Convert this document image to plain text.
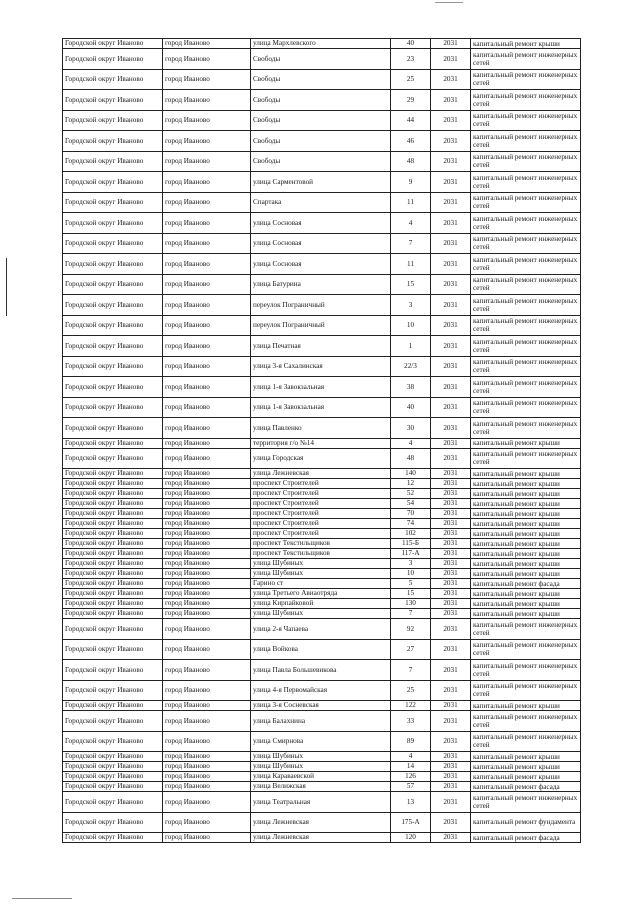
Городской округ Иваново	город Иваново	улица Мархлевского	40	2031	капитальный ремонт крыши
Городской округ Иваново	город Иваново	Свободы	23	2031	капитальный ремонт инженерных сетей
Городской округ Иваново	город Иваново	Свободы	25	2031	капитальный ремонт инженерных сетей
Городской округ Иваново	город Иваново	Свободы	29	2031	капитальный ремонт инженерных сетей
Городской округ Иваново	город Иваново	Свободы	44	2031	капитальный ремонт инженерных сетей
Городской округ Иваново	город Иваново	Свободы	46	2031	капитальный ремонт инженерных сетей
Городской округ Иваново	город Иваново	Свободы	48	2031	капитальный ремонт инженерных сетей
Городской округ Иваново	город Иваново	улица Сарментовой	9	2031	капитальный ремонт инженерных сетей
Городской округ Иваново	город Иваново	Спартака	11	2031	капитальный ремонт инженерных сетей
Городской округ Иваново	город Иваново	улица Сосновая	4	2031	капитальный ремонт инженерных сетей
Городской округ Иваново	город Иваново	улица Сосновая	7	2031	капитальный ремонт инженерных сетей
Городской округ Иваново	город Иваново	улица Сосновая	11	2031	капитальный ремонт инженерных сетей
Городской округ Иваново	город Иваново	улица Батурина	15	2031	капитальный ремонт инженерных сетей
Городской округ Иваново	город Иваново	переулок Пограничный	3	2031	капитальный ремонт инженерных сетей
Городской округ Иваново	город Иваново	переулок Пограничный	10	2031	капитальный ремонт инженерных сетей
Городской округ Иваново	город Иваново	улица Печатная	1	2031	капитальный ремонт инженерных сетей
Городской округ Иваново	город Иваново	улица 3-я Сахалинская	22/3	2031	капитальный ремонт инженерных сетей
Городской округ Иваново	город Иваново	улица 1-я Завокзальная	38	2031	капитальный ремонт инженерных сетей
Городской округ Иваново	город Иваново	улица 1-я Завокзальная	40	2031	капитальный ремонт инженерных сетей
Городской округ Иваново	город Иваново	улица Павленко	30	2031	капитальный ремонт инженерных сетей
Городской округ Иваново	город Иваново	территория г/о №14	4	2031	капитальный ремонт крыши
Городской округ Иваново	город Иваново	улица Городская	48	2031	капитальный ремонт инженерных сетей
Городской округ Иваново	город Иваново	улица Лежневская	140	2031	капитальный ремонт крыши
Городской округ Иваново	город Иваново	проспект Строителей	12	2031	капитальный ремонт крыши
Городской округ Иваново	город Иваново	проспект Строителей	52	2031	капитальный ремонт крыши
Городской округ Иваново	город Иваново	проспект Строителей	54	2031	капитальный ремонт крыши
Городской округ Иваново	город Иваново	проспект Строителей	70	2031	капитальный ремонт крыши
Городской округ Иваново	город Иваново	проспект Строителей	74	2031	капитальный ремонт крыши
Городской округ Иваново	город Иваново	проспект Строителей	102	2031	капитальный ремонт крыши
Городской округ Иваново	город Иваново	проспект Текстильщиков	115-Б	2031	капитальный ремонт крыши
Городской округ Иваново	город Иваново	проспект Текстильщиков	117-А	2031	капитальный ремонт крыши
Городской округ Иваново	город Иваново	улица Шубиных	3	2031	капитальный ремонт крыши
Городской округ Иваново	город Иваново	улица Шубиных	10	2031	капитальный ремонт крыши
Городской округ Иваново	город Иваново	Гарино ст	5	2031	капитальный ремонт фасада
Городской округ Иваново	город Иваново	улица Третьего Авиаотряда	15	2031	капитальный ремонт крыши
Городской округ Иваново	город Иваново	улица Кирпайковой	130	2031	капитальный ремонт крыши
Городской округ Иваново	город Иваново	улица Шубиных	7	2031	капитальный ремонт крыши
Городской округ Иваново	город Иваново	улица 2-я Чапаева	92	2031	капитальный ремонт инженерных сетей
Городской округ Иваново	город Иваново	улица Войкова	27	2031	капитальный ремонт инженерных сетей
Городской округ Иваново	город Иваново	улица Павла Большевикова	7	2031	капитальный ремонт инженерных сетей
Городской округ Иваново	город Иваново	улица 4-я Первомайская	25	2031	капитальный ремонт инженерных сетей
Городской округ Иваново	город Иваново	улица 3-я Сосневская	122	2031	капитальный ремонт крыши
Городской округ Иваново	город Иваново	улица Балахнина	33	2031	капитальный ремонт инженерных сетей
Городской округ Иваново	город Иваново	улица Смирнова	89	2031	капитальный ремонт инженерных сетей
Городской округ Иваново	город Иваново	улица Шубиных	4	2031	капитальный ремонт крыши
Городской округ Иваново	город Иваново	улица Шубиных	14	2031	капитальный ремонт крыши
Городской округ Иваново	город Иваново	улица Караваевской	126	2031	капитальный ремонт крыши
Городской округ Иваново	город Иваново	улица Велижская	57	2031	капитальный ремонт фасада
Городской округ Иваново	город Иваново	улица Театральная	13	2031	капитальный ремонт инженерных сетей
Городской округ Иваново	город Иваново	улица Лежневская	175-А	2031	капитальный ремонт фундамента
Городской округ Иваново	город Иваново	улица Лежневская	120	2031	капитальный ремонт фасада
